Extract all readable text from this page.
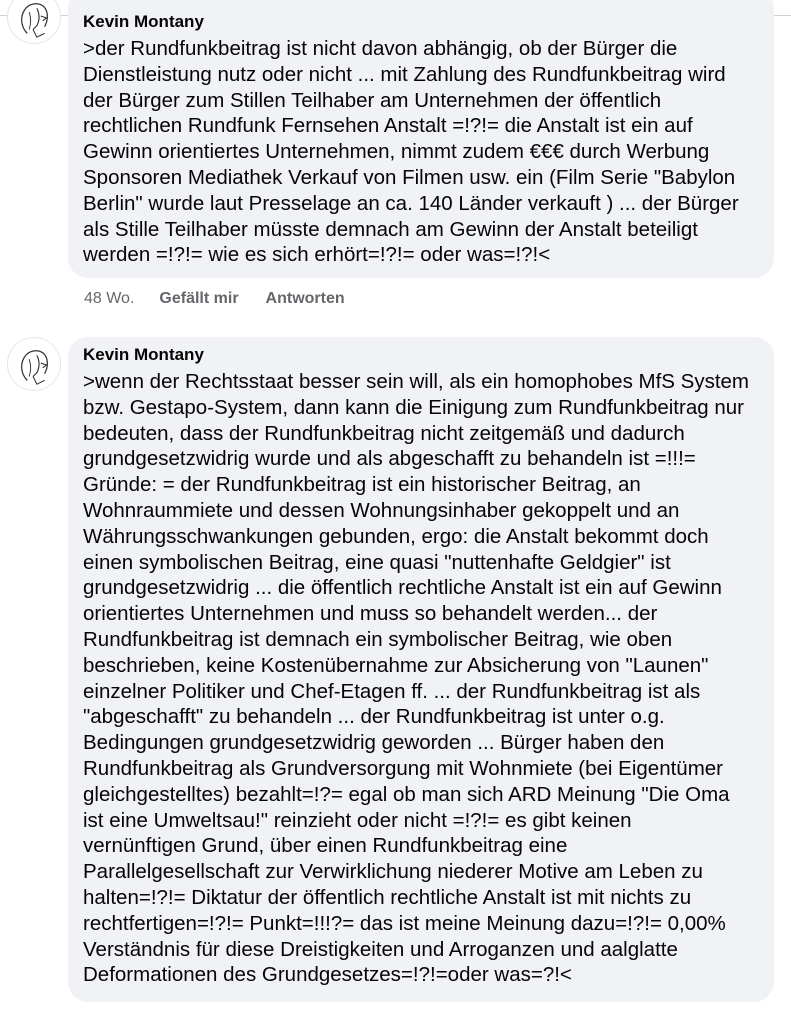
Kevin Montany
>der Rundfunkbeitrag ist nicht davon abhängig, ob der Bürger die
Dienstleistung nutz oder nicht ... mit Zahlung des Rundfunkbeitrag wird
der Bürger zum Stillen Teilhaber am Unternehmen der öffentlich
rechtlichen Rundfunk Fernsehen Anstalt =!?!= die Anstalt ist ein auf
Gewinn orientiertes Unternehmen, nimmt zudem €€€ durch Werbung
Sponsoren Mediathek Verkauf von Filmen usw. ein (Film Serie "Babylon
Berlin" wurde laut Presselage an ca. 140 Länder verkauft ) ... der Bürger
als Stille Teilhaber müsste demnach am Gewinn der Anstalt beteiligt
werden =!?!= wie es sich erhört=!?!= oder was=!?!<
48 Wo. Gefällt mir Antworten
Kevin Montany
>wenn der Rechtsstaat besser sein will, als ein homophobes MfS System
bzw. Gestapo-System, dann kann die Einigung zum Rundfunkbeitrag nur
bedeuten, dass der Rundfunkbeitrag nicht zeitgemäß und dadurch
grundgesetzwidrig wurde und als abgeschafft zu behandeln ist =!!!=
Gründe: = der Rundfunkbeitrag ist ein historischer Beitrag, an
Wohnraummiete und dessen Wohnungsinhaber gekoppelt und an
Währungsschwankungen gebunden, ergo: die Anstalt bekommt doch
einen symbolischen Beitrag, eine quasi "nuttenhafte Geldgier" ist
grundgesetzwidrig ... die öffentlich rechtliche Anstalt ist ein auf Gewinn
orientiertes Unternehmen und muss so behandelt werden... der
Rundfunkbeitrag ist demnach ein symbolischer Beitrag, wie oben
beschrieben, keine Kostenübernahme zur Absicherung von "Launen"
einzelner Politiker und Chef-Etagen ff. ... der Rundfunkbeitrag ist als
"abgeschafft" zu behandeln ... der Rundfunkbeitrag ist unter o.g.
Bedingungen grundgesetzwidrig geworden ... Bürger haben den
Rundfunkbeitrag als Grundversorgung mit Wohnmiete (bei Eigentümer
gleichgestelltes) bezahlt=!?= egal ob man sich ARD Meinung "Die Oma
ist eine Umweltsau!" reinzieht oder nicht =!?!= es gibt keinen
vernünftigen Grund, über einen Rundfunkbeitrag eine
Parallelgesellschaft zur Verwirklichung niederer Motive am Leben zu
halten=!?!= Diktatur der öffentlich rechtliche Anstalt ist mit nichts zu
rechtfertigen=!?!= Punkt=!!!?= das ist meine Meinung dazu=!?!= 0,00%
Verständnis für diese Dreistigkeiten und Arroganzen und aalglatte
Deformationen des Grundgesetzes=!?!=oder was=?!<
